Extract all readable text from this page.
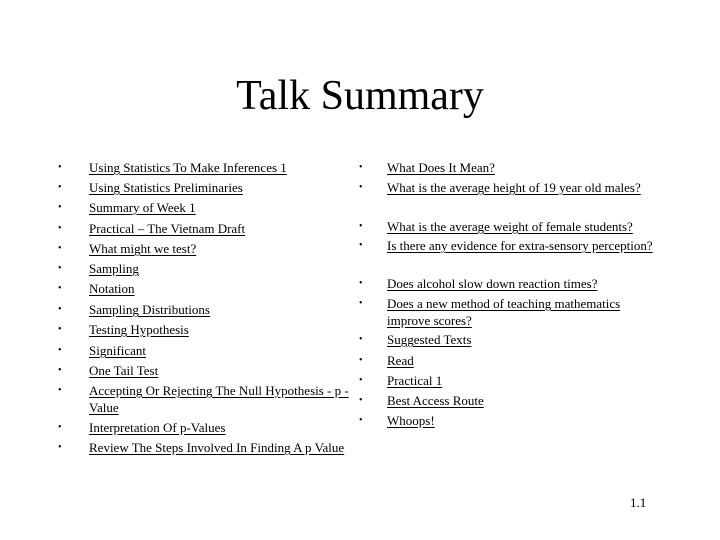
Talk Summary
• Using Statistics To Make Inferences 1
• Using Statistics Preliminaries
• Summary of Week 1
• Practical – The Vietnam Draft
• What might we test?
• Sampling
• Notation
• Sampling Distributions
• Testing Hypothesis
• Significant
• One Tail Test
• Accepting Or Rejecting The Null Hypothesis - p -Value
• Interpretation Of p-Values
• Review The Steps Involved In Finding A p Value
• What Does It Mean?
• What is the average height of 19 year old males?
• What is the average weight of female students?
• Is there any evidence for extra-sensory perception?
• Does alcohol slow down reaction times?
• Does a new method of teaching mathematics improve scores?
• Suggested Texts
• Read
• Practical 1
• Best Access Route
• Whoops!
1.1
